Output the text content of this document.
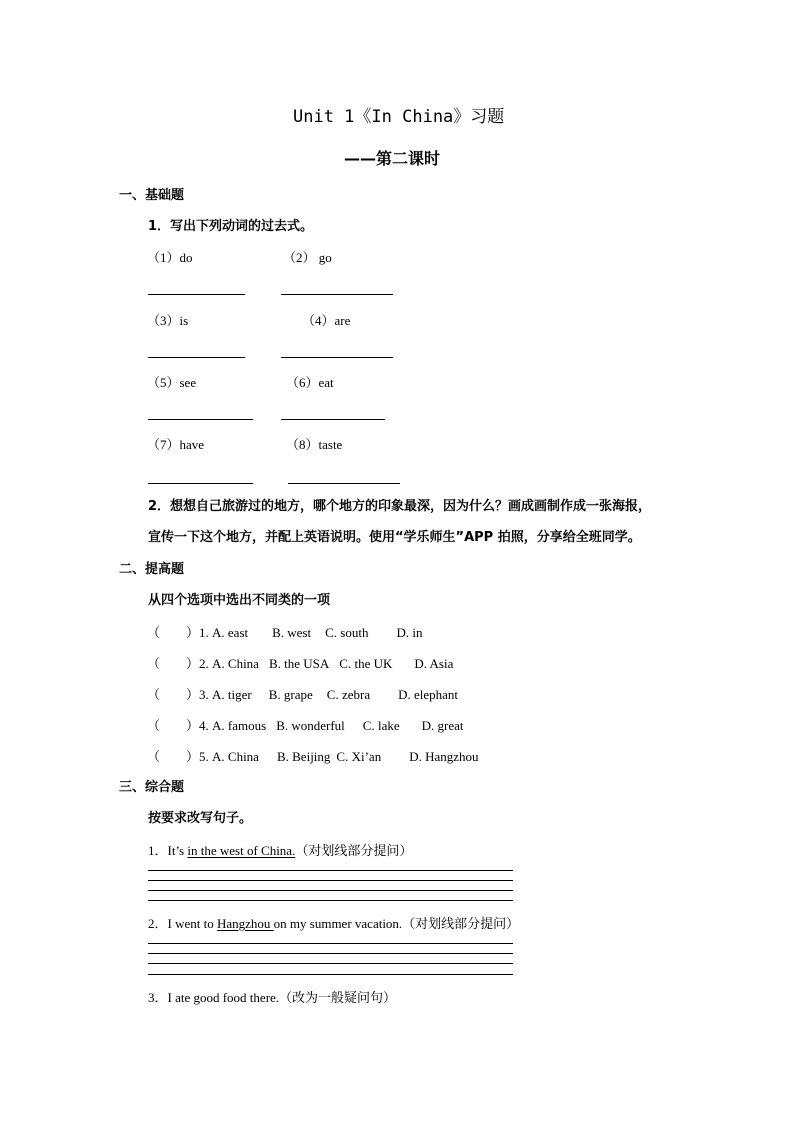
Unit 1《In China》习题
——第二课时
一、基础题
1．写出下列动词的过去式。
（1）do	（2） go
（3）is	（4）are
（5）see	（6）eat
（7）have	（8）taste
2．想想自己旅游过的地方，哪个地方的印象最深，因为什么？画成画制作成一张海报，
宣传一下这个地方，并配上英语说明。使用“学乐师生”APP 拍照，分享给全班同学。
二、提高题
从四个选项中选出不同类的一项
（　　）1. A. east B. west C. south D. in
（　　）2. A. China B. the USA C. the UK D. Asia
（　　）3. A. tiger B. grape C. zebra D. elephant
（　　）4. A. famous B. wonderful C. lake D. great
（　　）5. A. China B. Beijing C. Xi’an D. Hangzhou
三、综合题
按要求改写句子。
1．It’s in the west of China.（对划线部分提问）
2．I went to Hangzhou on my summer vacation.（对划线部分提问）
3．I ate good food there.（改为一般疑问句）
